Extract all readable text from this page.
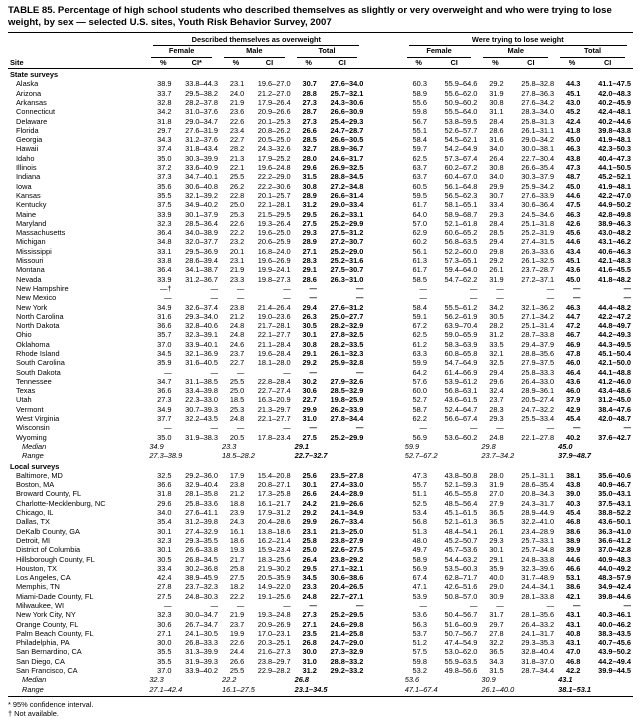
TABLE 85. Percentage of high school students who described themselves as slightly or very overweight and who were trying to lose weight, by sex — selected U.S. sites, Youth Risk Behavior Survey, 2007

	Described themselves as overweight							Were trying to lose weight					

	Female		Male		Total			Female		Male		Total	

Site	%	CI*	%	CI	%	CI		%	CI	%	CI	%	CI
State surveys													
Alaska	38.9	33.8–44.3	23.1	19.6–27.0	30.7	27.6–34.0		60.3	55.9–64.6	29.2	25.8–32.8	44.3	41.1–47.5
Arizona	33.7	29.5–38.2	24.0	21.2–27.0	28.8	25.7–32.1		58.9	55.6–62.0	31.9	27.8–36.3	45.1	42.0–48.3
Arkansas	32.8	28.2–37.8	21.9	17.9–26.4	27.3	24.3–30.6		55.6	50.9–60.2	30.8	27.6–34.2	43.0	40.2–45.9
Connecticut	34.2	31.0–37.6	23.6	20.9–26.6	28.7	26.6–30.9		59.8	55.5–64.0	31.1	28.3–34.0	45.2	42.4–48.1
Delaware	31.8	29.0–34.7	22.6	20.1–25.3	27.3	25.4–29.3		56.7	53.8–59.5	28.4	25.8–31.3	42.4	40.2–44.6
Florida	29.7	27.6–31.9	23.4	20.8–26.2	26.6	24.7–28.7		55.1	52.6–57.7	28.6	26.1–31.1	41.8	39.8–43.8
Georgia	34.3	31.2–37.6	22.7	20.5–25.0	28.5	26.6–30.5		58.4	54.5–62.1	31.6	29.0–34.2	45.0	41.9–48.1
Hawaii	37.4	31.8–43.4	28.2	24.3–32.6	32.7	28.9–36.7		59.7	54.2–64.9	34.0	30.0–38.1	46.3	42.3–50.3
Idaho	35.0	30.3–39.9	21.3	17.9–25.2	28.0	24.6–31.7		62.5	57.3–67.4	26.4	22.7–30.4	43.8	40.4–47.3
Illinois	37.2	33.6–40.9	22.1	19.6–24.8	29.6	26.9–32.5		63.7	60.2–67.2	30.8	26.6–35.4	47.3	44.1–50.5
Indiana	37.3	34.7–40.1	25.5	22.2–29.0	31.5	28.8–34.5		63.7	60.4–67.0	34.0	30.3–37.9	48.7	45.2–52.1
Iowa	35.6	30.6–40.8	26.2	22.2–30.6	30.8	27.2–34.8		60.5	56.1–64.8	29.9	25.9–34.2	45.0	41.9–48.1
Kansas	35.5	32.1–39.2	22.8	20.1–25.7	28.9	26.6–31.4		59.5	56.5–62.3	30.7	27.6–33.9	44.6	42.2–47.0
Kentucky	37.5	34.9–40.2	25.0	22.1–28.1	31.2	29.0–33.4		61.7	58.1–65.1	33.4	30.6–36.4	47.5	44.9–50.2
Maine	33.9	30.1–37.9	25.3	21.5–29.5	29.5	26.2–33.1		64.0	58.9–68.7	29.3	24.5–34.6	46.3	42.8–49.8
Maryland	32.3	28.5–36.4	22.6	19.3–26.4	27.5	25.2–29.9		57.0	52.1–61.8	28.4	25.1–31.8	42.6	38.9–46.3
Massachusetts	36.4	34.0–38.9	22.2	19.6–25.0	29.3	27.5–31.2		62.9	60.6–65.2	28.5	25.2–31.9	45.6	43.0–48.2
Michigan	34.8	32.0–37.7	23.2	20.6–25.9	28.9	27.2–30.7		60.2	56.8–63.5	29.4	27.4–31.5	44.6	43.1–46.2
Mississippi	33.1	29.5–36.9	20.1	16.8–24.0	27.1	25.2–29.0		56.1	52.2–60.0	29.8	26.3–33.6	43.4	40.6–46.3
Missouri	33.8	28.6–39.4	23.1	19.6–26.9	28.3	25.2–31.6		61.3	57.3–65.1	29.2	26.1–32.5	45.1	42.1–48.3
Montana	36.4	34.1–38.7	21.9	19.9–24.1	29.1	27.5–30.7		61.7	59.4–64.0	26.1	23.7–28.7	43.6	41.6–45.5
Nevada	33.9	31.2–36.7	23.3	19.8–27.3	28.6	26.3–31.0		58.5	54.7–62.2	31.9	27.2–37.1	45.0	41.8–48.2
New Hampshire	—†	—	—	—	—	—		—	—	—	—	—	—
New Mexico	—	—	—	—	—	—		—	—	—	—	—	—
New York	34.9	32.6–37.4	23.8	21.4–26.4	29.4	27.6–31.2		58.4	55.5–61.2	34.2	32.1–36.2	46.3	44.4–48.2
North Carolina	31.6	29.3–34.0	21.2	19.0–23.6	26.3	25.0–27.7		59.1	56.2–61.9	30.5	27.1–34.2	44.7	42.2–47.2
North Dakota	36.6	32.8–40.6	24.8	21.7–28.1	30.5	28.2–32.9		67.2	63.9–70.4	28.2	25.1–31.4	47.2	44.8–49.7
Ohio	35.7	32.3–39.1	24.8	22.1–27.7	30.1	27.8–32.5		62.5	59.0–65.9	31.2	28.7–33.8	46.7	44.2–49.3
Oklahoma	37.0	33.9–40.1	24.6	21.1–28.4	30.8	28.2–33.5		61.2	58.3–63.9	33.5	29.4–37.9	46.9	44.3–49.5
Rhode Island	34.5	32.1–36.9	23.7	19.6–28.4	29.1	26.1–32.3		63.3	60.8–65.8	32.1	28.8–35.6	47.8	45.1–50.4
South Carolina	35.9	31.6–40.5	22.7	18.1–28.0	29.2	25.9–32.8		59.9	54.7–64.9	32.5	27.9–37.5	46.0	42.1–50.0
South Dakota	—	—	—	—	—	—		64.2	61.4–66.9	29.4	25.8–33.3	46.4	44.1–48.8
Tennessee	34.7	31.1–38.5	25.5	22.8–28.4	30.2	27.9–32.6		57.6	53.9–61.2	29.6	26.4–33.0	43.6	41.2–46.0
Texas	36.6	33.4–39.8	25.0	22.7–27.4	30.6	28.5–32.9		60.0	56.8–63.1	32.4	28.9–36.1	46.0	43.4–48.6
Utah	27.3	22.3–33.0	18.5	16.3–20.9	22.7	19.8–25.9		52.7	43.6–61.5	23.7	20.5–27.4	37.9	31.2–45.0
Vermont	34.9	30.7–39.3	25.3	21.3–29.7	29.9	26.2–33.9		58.7	52.4–64.7	28.3	24.7–32.2	42.9	38.4–47.6
West Virginia	37.7	32.2–43.5	24.8	22.1–27.7	31.0	27.8–34.4		62.2	56.6–67.4	29.3	25.5–33.4	45.4	42.0–48.7
Wisconsin	—	—	—	—	—	—		—	—	—	—	—	—
Wyoming	35.0	31.9–38.3	20.5	17.8–23.4	27.5	25.2–29.9		56.9	53.6–60.2	24.8	22.1–27.8	40.2	37.6–42.7
Median	34.9		23.3		29.1			59.9		29.8		45.0	
Range	27.3–38.9		18.5–28.2		22.7–32.7			52.7–67.2		23.7–34.2		37.9–48.7	
Local surveys													
Baltimore, MD	32.5	29.2–36.0	17.9	15.4–20.8	25.6	23.5–27.8		47.3	43.8–50.8	28.0	25.1–31.1	38.1	35.6–40.6
Boston, MA	36.6	32.9–40.4	23.8	20.8–27.1	30.1	27.4–33.0		55.7	52.1–59.3	31.9	28.6–35.4	43.8	40.9–46.7
Broward County, FL	31.8	28.1–35.8	21.2	17.3–25.8	26.6	24.4–28.9		51.1	46.5–55.8	27.0	20.8–34.3	39.0	35.0–43.1
Charlotte-Mecklenburg, NC	29.6	25.8–33.6	18.8	16.1–21.7	24.2	21.9–26.6		52.5	48.5–56.4	27.9	24.3–31.7	40.3	37.5–43.1
Chicago, IL	34.0	27.6–41.1	23.9	17.9–31.2	29.2	24.1–34.9		53.4	45.1–61.5	36.5	28.9–44.9	45.4	38.8–52.2
Dallas, TX	35.4	31.2–39.8	24.3	20.4–28.6	29.9	26.7–33.4		56.8	52.1–61.3	36.5	32.2–41.0	46.8	43.6–50.1
DeKalb County, GA	30.1	27.4–32.9	16.1	13.8–18.6	23.1	21.3–25.0		51.3	48.4–54.1	26.1	23.4–28.9	38.6	36.3–41.0
Detroit, MI	32.3	29.3–35.5	18.6	16.2–21.4	25.8	23.8–27.9		48.0	45.2–50.7	29.3	25.7–33.1	38.9	36.6–41.2
District of Columbia	30.1	26.6–33.8	19.3	15.9–23.4	25.0	22.6–27.5		49.7	45.7–53.6	30.1	25.7–34.8	39.9	37.0–42.8
Hillsborough County, FL	30.5	26.8–34.5	21.7	18.3–25.6	26.4	23.8–29.2		58.9	54.4–63.2	29.1	24.8–33.8	44.6	40.9–48.3
Houston, TX	33.4	30.2–36.8	25.8	21.9–30.2	29.5	27.1–32.1		56.9	53.5–60.3	35.9	32.3–39.6	46.6	44.0–49.2
Los Angeles, CA	42.4	38.9–45.9	27.5	20.5–35.9	34.5	30.6–38.6		67.4	62.8–71.7	40.0	31.7–48.9	53.1	48.3–57.9
Memphis, TN	27.8	23.7–32.3	18.2	14.9–22.0	23.3	20.4–26.5		47.1	42.6–51.6	29.0	24.4–34.1	38.6	34.9–42.4
Miami-Dade County, FL	27.5	24.8–30.3	22.2	19.1–25.6	24.8	22.7–27.1		53.9	50.8–57.0	30.9	28.1–33.8	42.1	39.8–44.6
Milwaukee, WI	—	—	—	—	—	—		—	—	—	—	—	—
New York City, NY	32.3	30.0–34.7	21.9	19.3–24.8	27.3	25.2–29.5		53.6	50.4–56.7	31.7	28.1–35.6	43.1	40.3–46.1
Orange County, FL	30.6	26.7–34.7	23.7	20.9–26.9	27.1	24.6–29.8		56.3	51.6–60.9	29.7	26.4–33.2	43.1	40.0–46.2
Palm Beach County, FL	27.1	24.1–30.5	19.9	17.0–23.1	23.5	21.4–25.8		53.7	50.7–56.7	27.8	24.1–31.7	40.8	38.3–43.5
Philadelphia, PA	30.0	26.8–33.3	22.6	20.3–25.1	26.8	24.7–29.0		51.2	47.4–54.9	32.2	29.3–35.3	43.1	40.7–45.6
San Bernardino, CA	35.5	31.3–39.9	24.4	21.6–27.3	30.0	27.3–32.9		57.5	53.0–62.0	36.5	32.8–40.4	47.0	43.9–50.2
San Diego, CA	35.5	31.9–39.3	26.6	23.8–29.7	31.0	28.8–33.2		59.8	55.9–63.5	34.3	31.8–37.0	46.8	44.2–49.4
San Francisco, CA	37.0	33.9–40.2	25.5	22.9–28.2	31.2	29.2–33.2		53.2	49.8–56.6	31.5	28.7–34.4	42.2	39.9–44.5
Median	32.3		22.2		26.8			53.6		30.9		43.1	
Range	27.1–42.4		16.1–27.5		23.1–34.5			47.1–67.4		26.1–40.0		38.1–53.1	
* 95% confidence interval.
† Not available.
